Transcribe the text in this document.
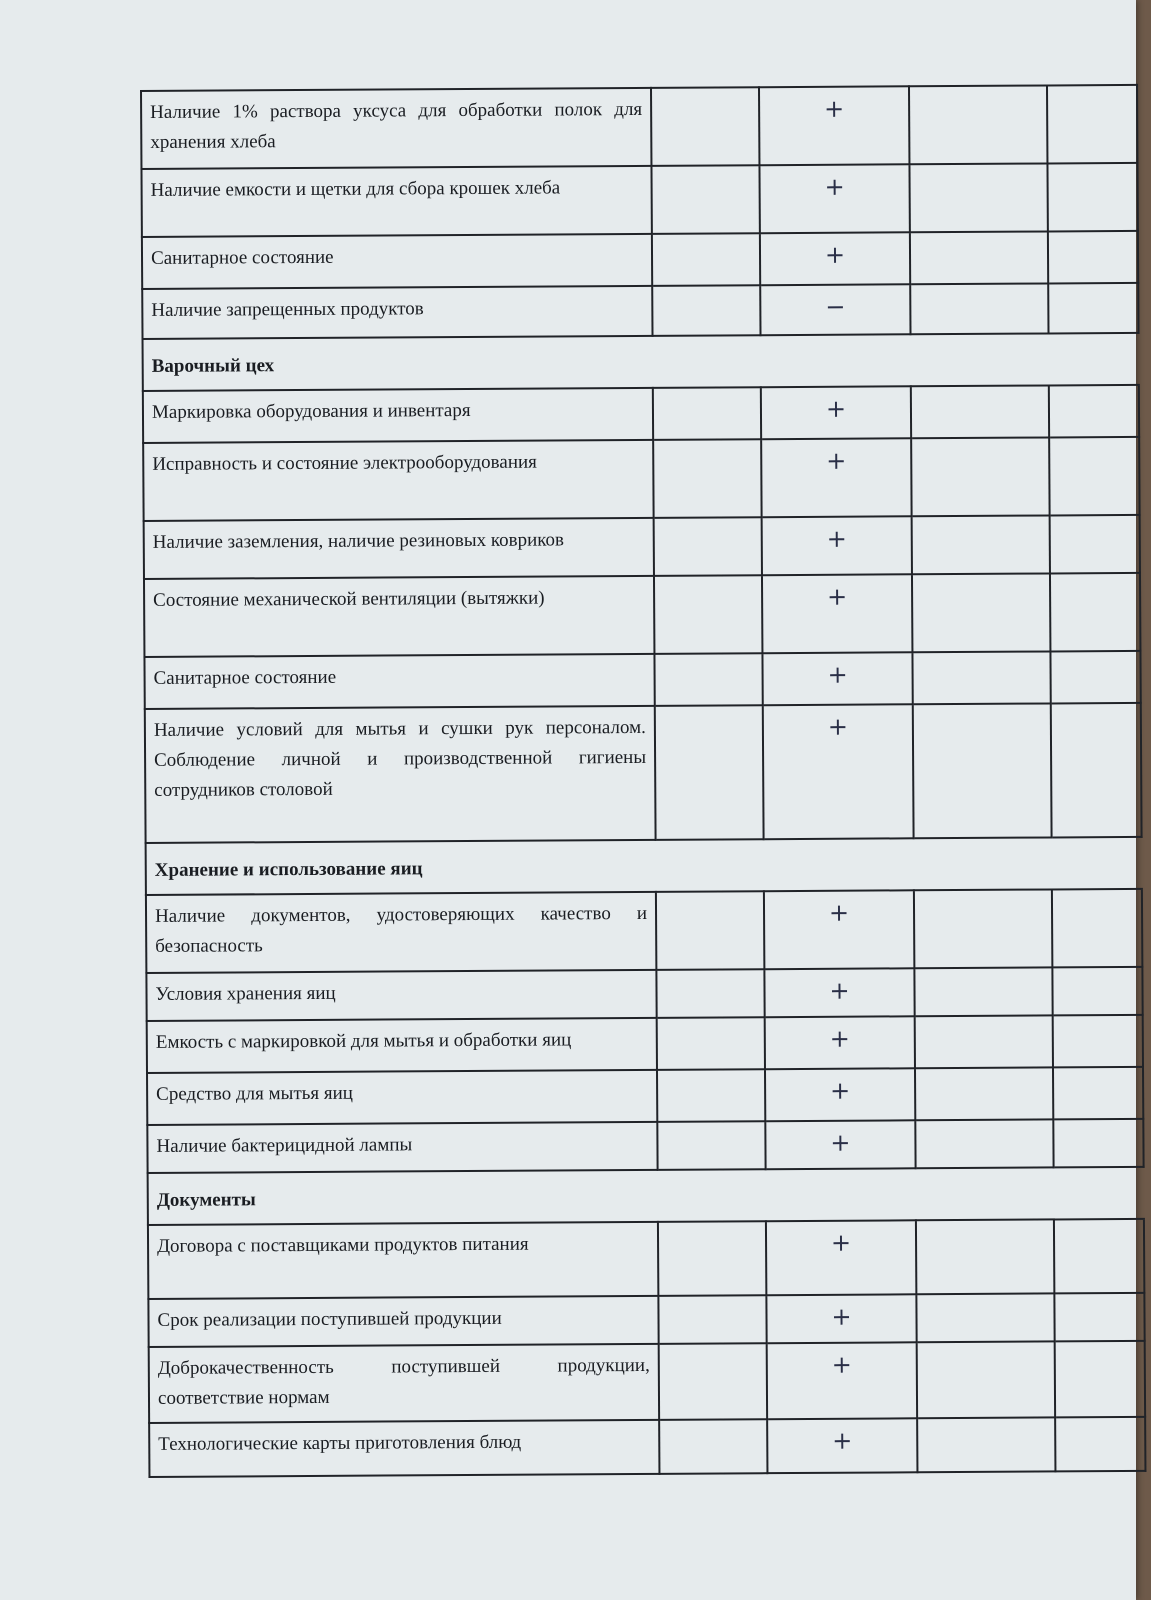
Наличие 1% раствора уксуса для обработки полок для хранения хлеба		+		
Наличие емкости и щетки для сбора крошек хлеба		+		
Санитарное состояние		+		
Наличие запрещенных продуктов		−		
Варочный цех				
Маркировка оборудования и инвентаря		+		
Исправность и состояние электрооборудования		+		
Наличие заземления, наличие резиновых ковриков		+		
Состояние механической вентиляции (вытяжки)		+		
Санитарное состояние		+		
Наличие условий для мытья и сушки рук персоналом. Соблюдение личной и производственной гигиены сотрудников столовой		+		
Хранение и использование яиц				
Наличие документов, удостоверяющих качество и безопасность		+		
Условия хранения яиц		+		
Емкость с маркировкой для мытья и обработки яиц		+		
Средство для мытья яиц		+		
Наличие бактерицидной лампы		+		
Документы				
Договора с поставщиками продуктов питания		+		
Срок реализации поступившей продукции		+		
Доброкачественность поступившей продукции, соответствие нормам		+		
Технологические карты приготовления блюд		+		
